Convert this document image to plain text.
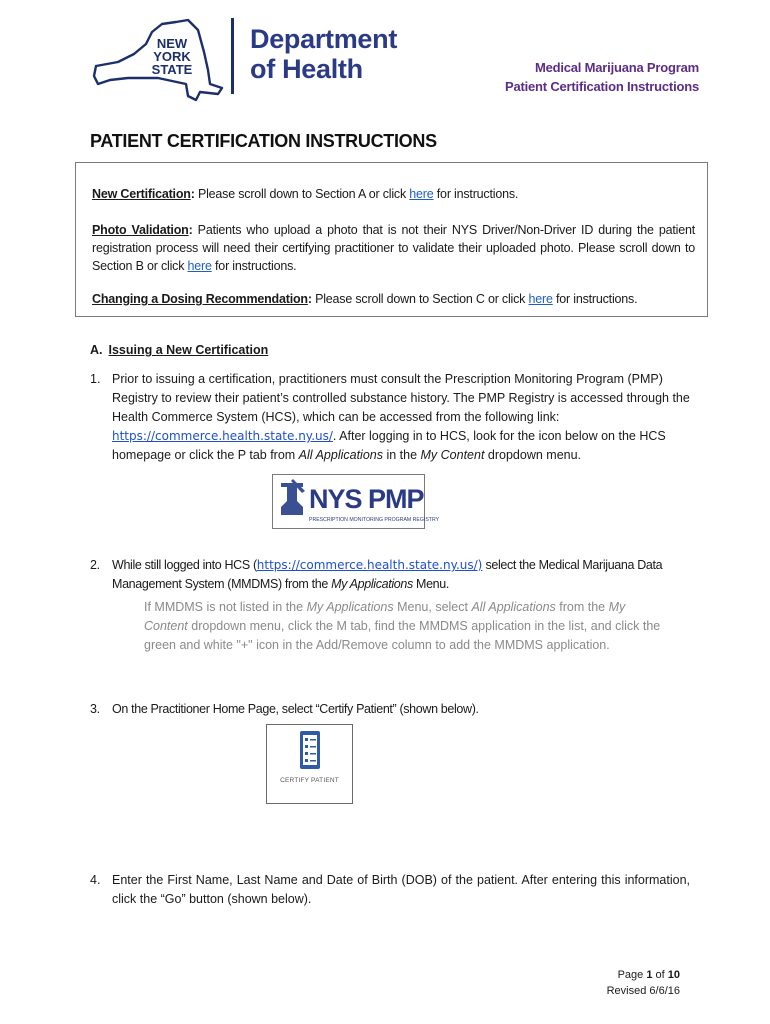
NEW
YORK
STATE
Department
of Health	Medical Marijuana Program
Patient Certification Instructions
PATIENT CERTIFICATION INSTRUCTIONS

New Certification: Please scroll down to Section A or click here for instructions.

Photo Validation: Patients who upload a photo that is not their NYS Driver/Non-Driver ID during the patient registration process will need their certifying practitioner to validate their uploaded photo. Please scroll down to Section B or click here for instructions.

Changing a Dosing Recommendation: Please scroll down to Section C or click here for instructions.

A. Issuing a New Certification
1. Prior to issuing a certification, practitioners must consult the Prescription Monitoring Program (PMP) Registry to review their patient’s controlled substance history. The PMP Registry is accessed through the Health Commerce System (HCS), which can be accessed from the following link: https://commerce.health.state.ny.us/. After logging in to HCS, look for the icon below on the HCS homepage or click the P tab from All Applications in the My Content dropdown menu.
NYS PMP
PRESCRIPTION MONITORING PROGRAM REGISTRY
2. While still logged into HCS (https://commerce.health.state.ny.us/) select the Medical Marijuana Data Management System (MMDMS) from the My Applications Menu.

If MMDMS is not listed in the My Applications Menu, select All Applications from the My Content dropdown menu, click the M tab, find the MMDMS application in the list, and click the green and white "+" icon in the Add/Remove column to add the MMDMS application.

3. On the Practitioner Home Page, select “Certify Patient” (shown below).
CERTIFY PATIENT
4. Enter the First Name, Last Name and Date of Birth (DOB) of the patient. After entering this information, click the “Go” button (shown below).
Page 1 of 10
Revised 6/6/16
